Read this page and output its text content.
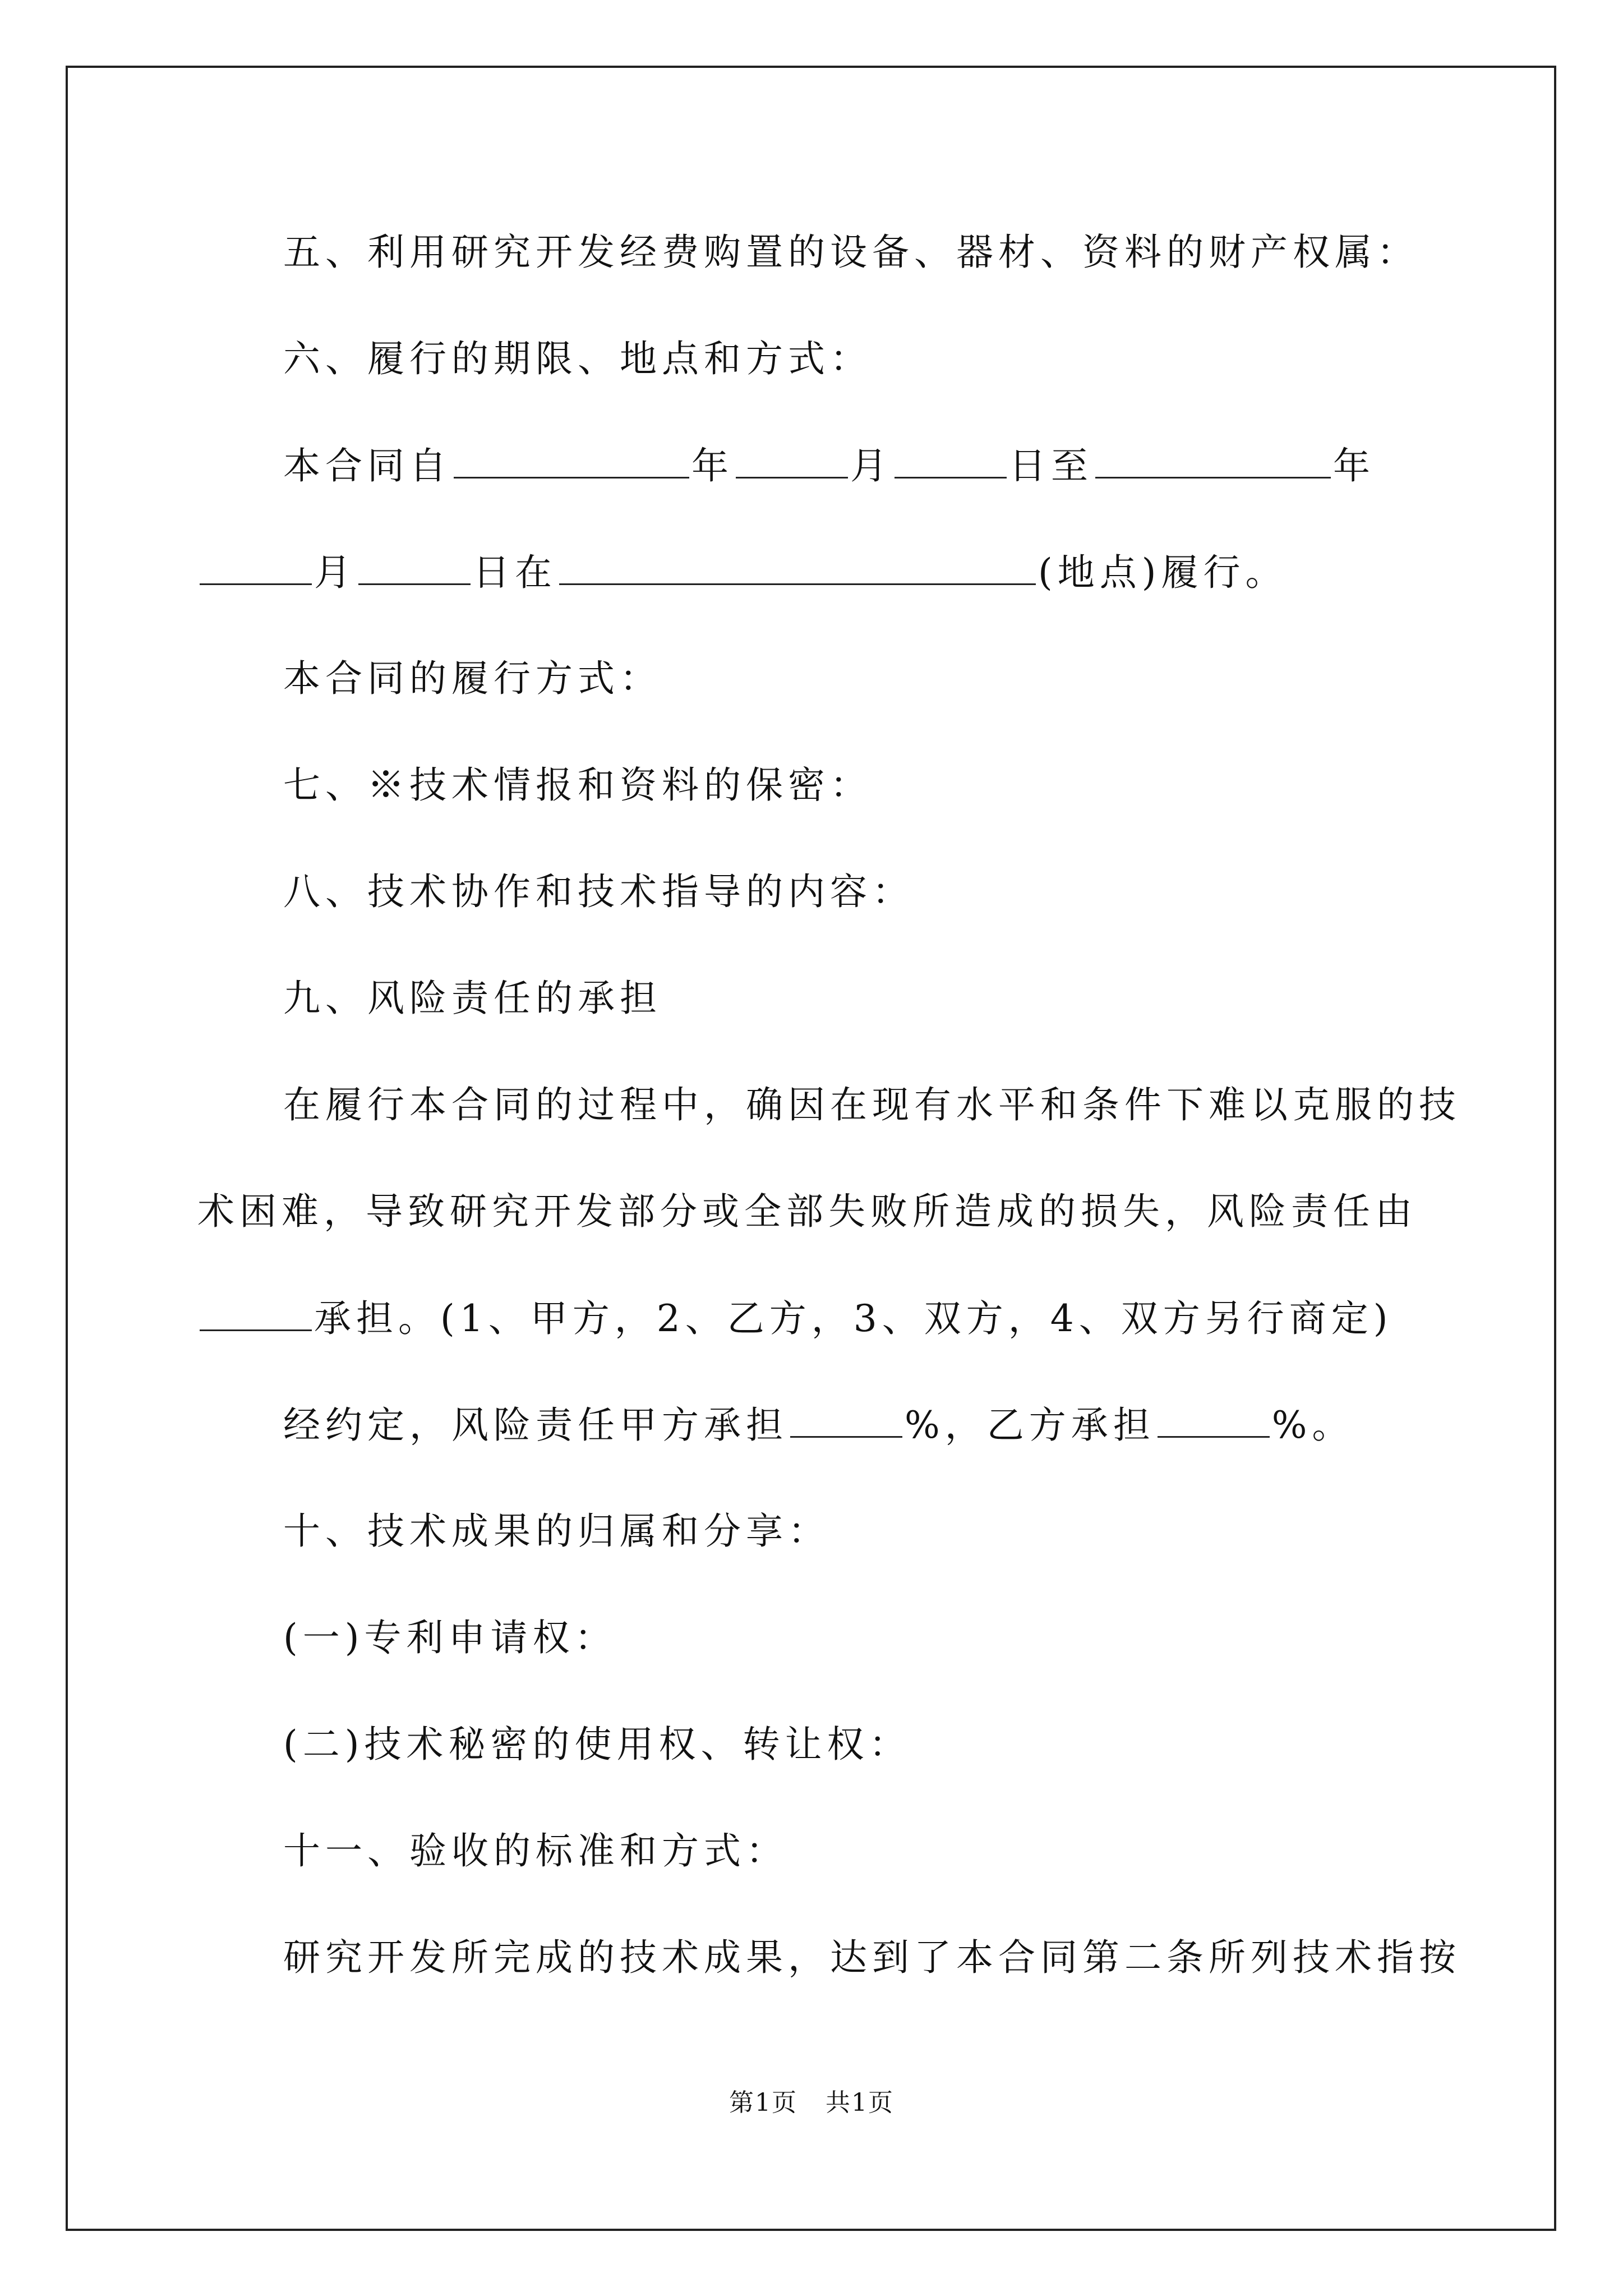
五、利用研究开发经费购置的设备、器材、资料的财产权属：
六、履行的期限、地点和方式：
本合同自	年	月	日至	年
月	日在	(地点)履行。
本合同的履行方式：
七、※技术情报和资料的保密：
八、技术协作和技术指导的内容：
九、风险责任的承担
在履行本合同的过程中，确因在现有水平和条件下难以克服的技
术困难，导致研究开发部分或全部失败所造成的损失，风险责任由
承担。(1、甲方，2、乙方，3、双方，4、双方另行商定)
经约定，风险责任甲方承担	%，乙方承担	%。
十、技术成果的归属和分享：
(一)专利申请权：
(二)技术秘密的使用权、转让权：
十一、验收的标准和方式：
研究开发所完成的技术成果，达到了本合同第二条所列技术指按
第1页 共1页
